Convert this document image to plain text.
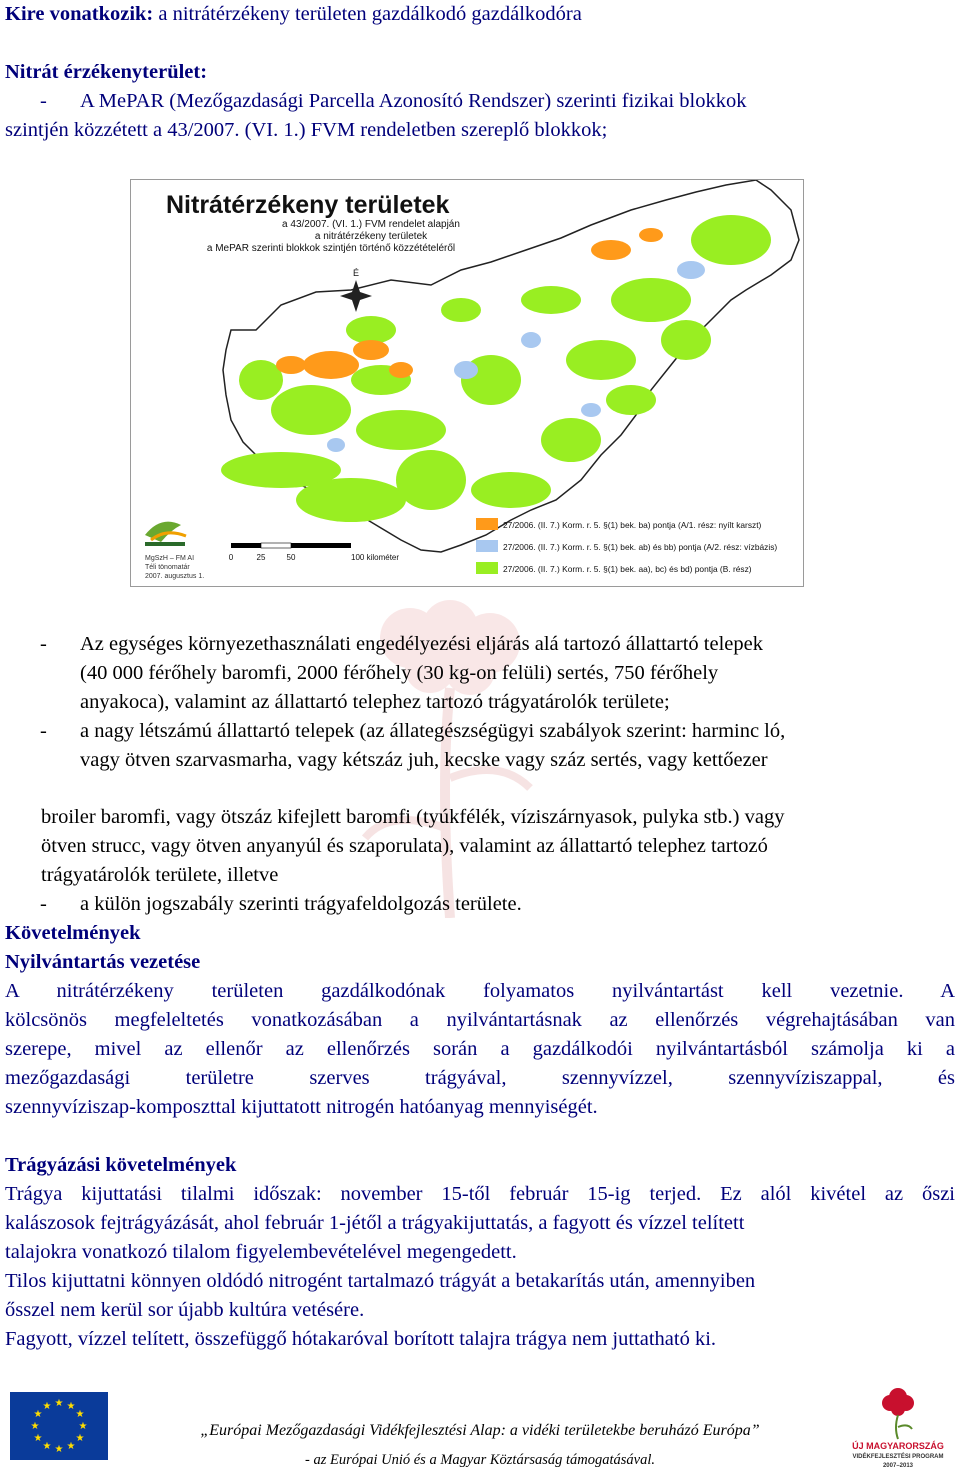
Kire vonatkozik: a nitrátérzékeny területen gazdálkodó gazdálkodóra

Nitrát érzékenyterület:

- A MePAR (Mezőgazdasági Parcella Azonosító Rendszer) szerinti fizikai blokkok

szintjén közzétett a 43/2007. (VI. 1.) FVM rendeletben szereplő blokkok;

Nitrátérzékeny területek
a 43/2007. (VI. 1.) FVM rendelet alapján
a nitrátérzékeny területek
a MePAR szerinti blokkok szintjén történő közzétételéről
É
27/2006. (II. 7.) Korm. r. 5. §(1) bek. ba) pontja (A/1. rész: nyílt karszt)
27/2006. (II. 7.) Korm. r. 5. §(1) bek. ab) és bb) pontja (A/2. rész: vízbázis)
27/2006. (II. 7.) Korm. r. 5. §(1) bek. aa), bc) és bd) pontja (B. rész)
0	25	50	100 kilométer
MgSzH – FM AI
Téli tönomatár
2007. augusztus 1.
- Az egységes környezethasználati engedélyezési eljárás alá tartozó állattartó telepek
(40 000 férőhely baromfi, 2000 férőhely (30 kg-on felüli) sertés, 750 férőhely
anyakoca), valamint az állattartó telephez tartozó trágyatárolók területe;
- a nagy létszámú állattartó telepek (az állategészségügyi szabályok szerint: harminc ló,
vagy ötven szarvasmarha, vagy kétszáz juh, kecske vagy száz sertés, vagy kettőezer

broiler baromfi, vagy ötszáz kifejlett baromfi (tyúkfélék, víziszárnyasok, pulyka stb.) vagy

ötven strucc, vagy ötven anyanyúl és szaporulata), valamint az állattartó telephez tartozó

trágyatárolók területe, illetve

- a külön jogszabály szerinti trágyafeldolgozás területe.

Követelmények

Nyilvántartás vezetése

A nitrátérzékeny területen gazdálkodónak folyamatos nyilvántartást kell vezetnie. A

kölcsönös megfeleltetés vonatkozásában a nyilvántartásnak az ellenőrzés végrehajtásában van

szerepe, mivel az ellenőr az ellenőrzés során a gazdálkodói nyilvántartásból számolja ki a

mezőgazdasági területre szerves trágyával, szennyvízzel, szennyvíziszappal, és

szennyvíziszap-komposzttal kijuttatott nitrogén hatóanyag mennyiségét.

Trágyázási követelmények

Trágya kijuttatási tilalmi időszak: november 15-től február 15-ig terjed. Ez alól kivétel az őszi

kalászosok fejtrágyázását, ahol február 1-jétől a trágyakijuttatás, a fagyott és vízzel telített

talajokra vonatkozó tilalom figyelembevételével megengedett.

Tilos kijuttatni könnyen oldódó nitrogént tartalmazó trágyát a betakarítás után, amennyiben

ősszel nem kerül sor újabb kultúra vetésére.

Fagyott, vízzel telített, összefüggő hótakaróval borított talajra trágya nem juttatható ki.

★ ★
★
★
★
★
★
★
★
★
★
★
„Európai Mezőgazdasági Vidékfejlesztési Alap: a vidéki területekbe beruházó Európa”
- az Európai Unió és a Magyar Köztársaság támogatásával.
ÚJ MAGYARORSZÁG
VIDÉKFEJLESZTÉSI PROGRAM
2007–2013
